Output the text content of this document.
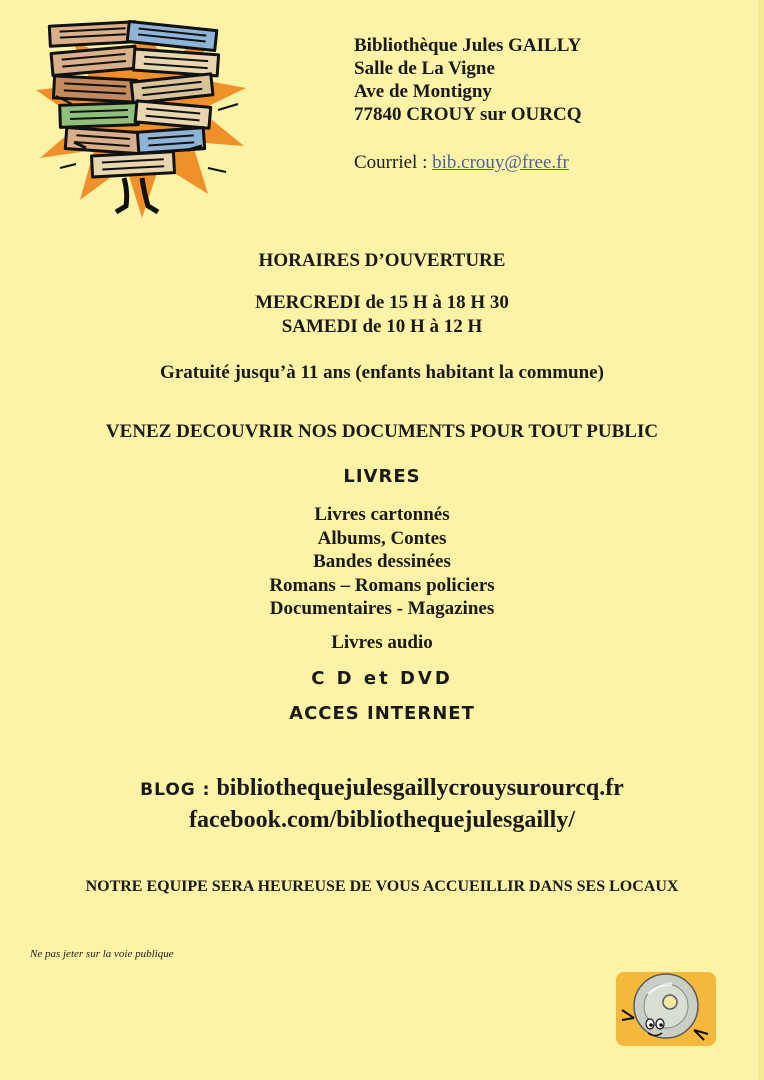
Bibliothèque Jules GAILLY
Salle de La Vigne
Ave de Montigny
77840 CROUY sur OURCQ
Courriel : bib.crouy@free.fr
HORAIRES D’OUVERTURE
MERCREDI de 15 H à 18 H 30
SAMEDI de 10 H à 12 H
Gratuité jusqu’à 11 ans (enfants habitant la commune)
VENEZ DECOUVRIR NOS DOCUMENTS POUR TOUT PUBLIC
LIVRES
Livres cartonnés
Albums, Contes
Bandes dessinées
Romans – Romans policiers
Documentaires - Magazines
Livres audio
C D et DVD
ACCES INTERNET
BLOG : bibliothequejulesgaillycrouysurourcq.fr
facebook.com/bibliothequejulesgailly/
NOTRE EQUIPE SERA HEUREUSE DE VOUS ACCUEILLIR DANS SES LOCAUX
Ne pas jeter sur la voie publique
